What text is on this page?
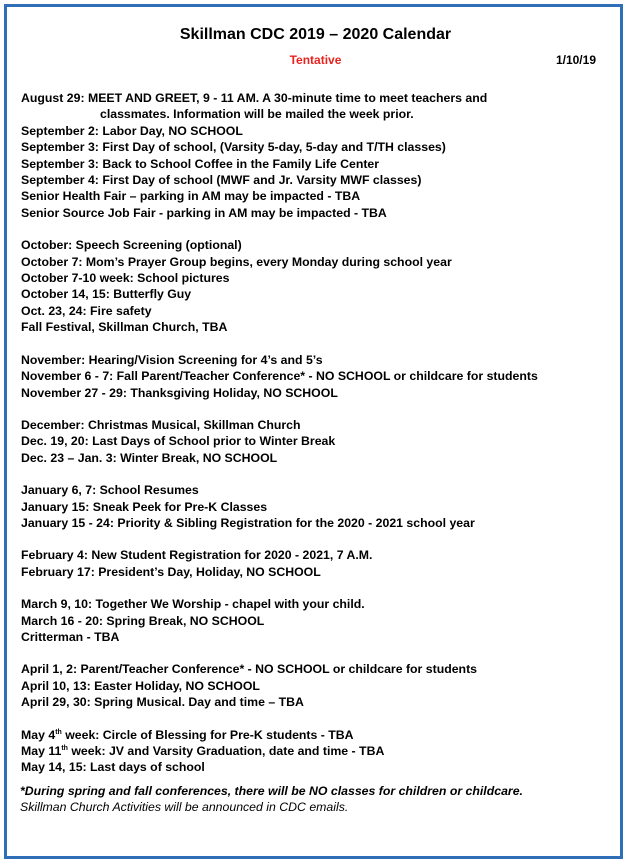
Skillman CDC 2019 – 2020 Calendar
Tentative	1/10/19
August 29: MEET AND GREET, 9 - 11 AM. A 30-minute time to meet teachers and
classmates. Information will be mailed the week prior.
September 2: Labor Day, NO SCHOOL
September 3: First Day of school, (Varsity 5-day, 5-day and T/TH classes)
September 3: Back to School Coffee in the Family Life Center
September 4: First Day of school (MWF and Jr. Varsity MWF classes)
Senior Health Fair – parking in AM may be impacted - TBA
Senior Source Job Fair - parking in AM may be impacted - TBA
October: Speech Screening (optional)
October 7: Mom’s Prayer Group begins, every Monday during school year
October 7-10 week: School pictures
October 14, 15: Butterfly Guy
Oct. 23, 24: Fire safety
Fall Festival, Skillman Church, TBA
November: Hearing/Vision Screening for 4’s and 5’s
November 6 - 7: Fall Parent/Teacher Conference* - NO SCHOOL or childcare for students
November 27 - 29: Thanksgiving Holiday, NO SCHOOL
December: Christmas Musical, Skillman Church
Dec. 19, 20: Last Days of School prior to Winter Break
Dec. 23 – Jan. 3: Winter Break, NO SCHOOL
January 6, 7: School Resumes
January 15: Sneak Peek for Pre-K Classes
January 15 - 24: Priority & Sibling Registration for the 2020 - 2021 school year
February 4: New Student Registration for 2020 - 2021, 7 A.M.
February 17: President’s Day, Holiday, NO SCHOOL
March 9, 10: Together We Worship - chapel with your child.
March 16 - 20: Spring Break, NO SCHOOL
Critterman - TBA
April 1, 2: Parent/Teacher Conference* - NO SCHOOL or childcare for students
April 10, 13: Easter Holiday, NO SCHOOL
April 29, 30: Spring Musical. Day and time – TBA
May 4th week: Circle of Blessing for Pre-K students - TBA
May 11th week: JV and Varsity Graduation, date and time - TBA
May 14, 15: Last days of school
*During spring and fall conferences, there will be NO classes for children or childcare.
Skillman Church Activities will be announced in CDC emails.
